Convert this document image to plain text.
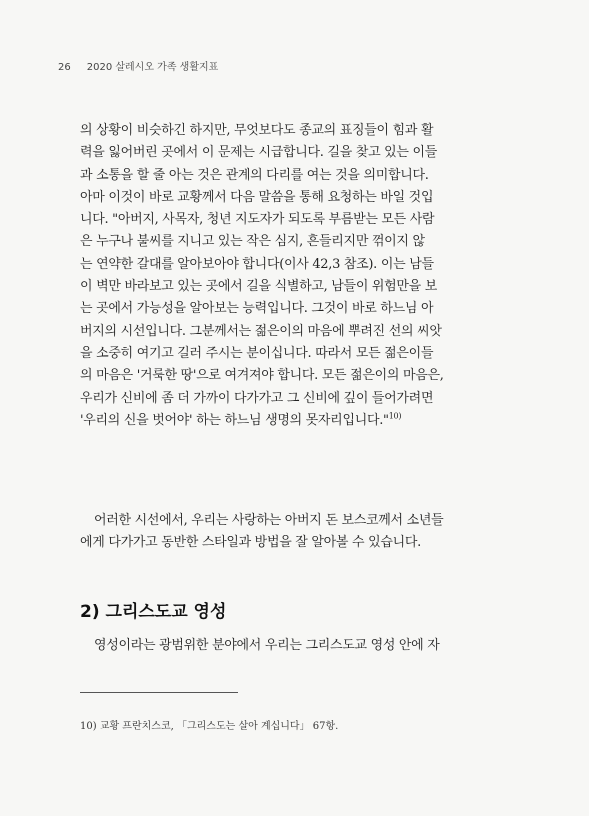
26 2020 살레시오 가족 생활지표
의 상황이 비슷하긴 하지만, 무엇보다도 종교의 표징들이 힘과 활
력을 잃어버린 곳에서 이 문제는 시급합니다. 길을 찾고 있는 이들
과 소통을 할 줄 아는 것은 관계의 다리를 여는 것을 의미합니다.
아마 이것이 바로 교황께서 다음 말씀을 통해 요청하는 바일 것입
니다. "아버지, 사목자, 청년 지도자가 되도록 부름받는 모든 사람
은 누구나 불씨를 지니고 있는 작은 심지, 흔들리지만 꺾이지 않
는 연약한 갈대를 알아보아야 합니다(이사 42,3 참조). 이는 남들
이 벽만 바라보고 있는 곳에서 길을 식별하고, 남들이 위험만을 보
는 곳에서 가능성을 알아보는 능력입니다. 그것이 바로 하느님 아
버지의 시선입니다. 그분께서는 젊은이의 마음에 뿌려진 선의 씨앗
을 소중히 여기고 길러 주시는 분이십니다. 따라서 모든 젊은이들
의 마음은 '거룩한 땅'으로 여겨져야 합니다. 모든 젊은이의 마음은,
우리가 신비에 좀 더 가까이 다가가고 그 신비에 깊이 들어가려면
'우리의 신을 벗어야' 하는 하느님 생명의 못자리입니다."$^{10)}$
어러한 시선에서, 우리는 사랑하는 아버지 돈 보스코께서 소년들
에게 다가가고 동반한 스타일과 방법을 잘 알아볼 수 있습니다.
2) 그리스도교 영성
영성이라는 광범위한 분야에서 우리는 그리스도교 영성 안에 자
10) 교황 프란치스코, 「그리스도는 살아 계십니다」 67항.
